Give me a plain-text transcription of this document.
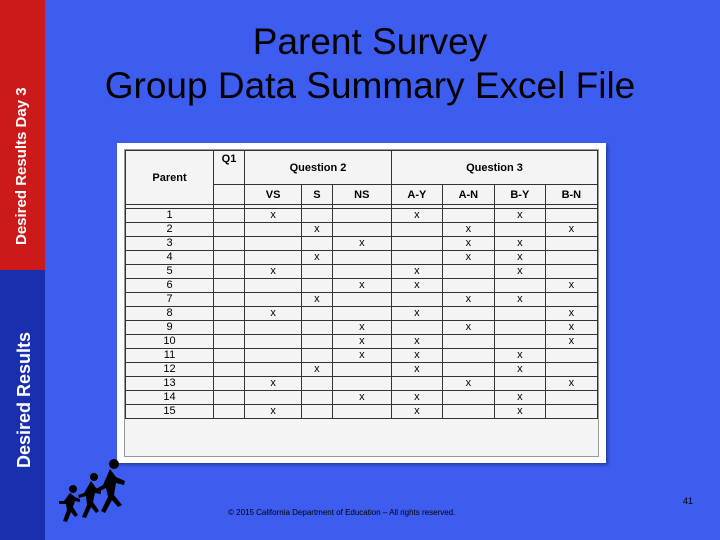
Desired Results Day 3
Desired Results
Parent Survey
Group Data Summary Excel File
Parent	Q1	Question 2			Question 3			
		VS	S	NS	A-Y	A-N	B-Y	B-N

1		x			x		x	
2			x			x		x
3				x		x	x	
4			x			x	x	
5		x			x		x	
6				x	x			x
7			x			x	x	
8		x			x			x
9				x		x		x
10				x	x			x
11				x	x		x	
12			x		x		x	
13		x				x		x
14				x	x		x	
15		x			x		x	
© 2015 California Department of Education – All rights reserved.
41
